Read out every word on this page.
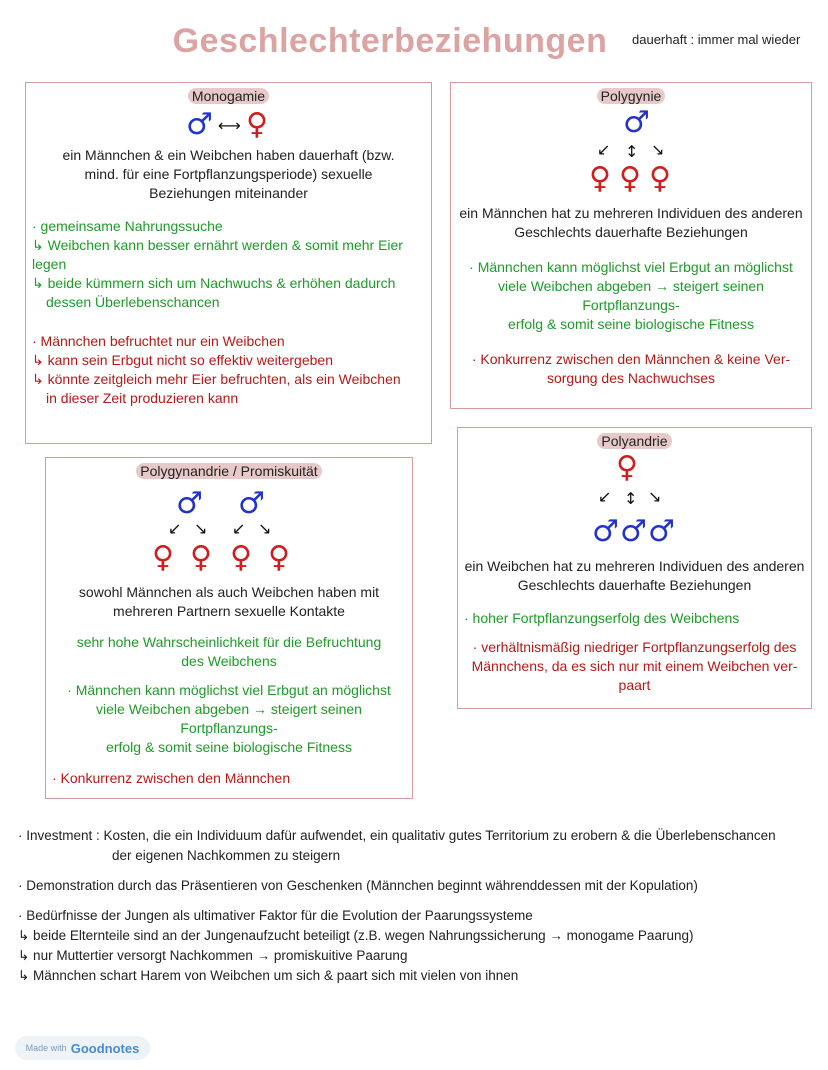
Geschlechterbeziehungen	dauerhaft : immer mal wieder
Monogamie
♂ ⟷ ♀
ein Männchen & ein Weibchen haben dauerhaft (bzw.
mind. für eine Fortpflanzungsperiode) sexuelle
Beziehungen miteinander
· gemeinsame Nahrungssuche
↳ Weibchen kann besser ernährt werden & somit mehr Eier legen
↳ beide kümmern sich um Nachwuchs & erhöhen dadurch
dessen Überlebenschancen
· Männchen befruchtet nur ein Weibchen
↳ kann sein Erbgut nicht so effektiv weitergeben
↳ könnte zeitgleich mehr Eier befruchten, als ein Weibchen
in dieser Zeit produzieren kann
Polygynie
♂
↙ ↕ ↘
♀ ♀ ♀
ein Männchen hat zu mehreren Individuen des anderen
Geschlechts dauerhafte Beziehungen
· Männchen kann möglichst viel Erbgut an möglichst
viele Weibchen abgeben → steigert seinen Fortpflanzungs-
erfolg & somit seine biologische Fitness
· Konkurrenz zwischen den Männchen & keine Ver-
sorgung des Nachwuchses
Polyandrie
♀
↙ ↕ ↘
♂ ♂ ♂
ein Weibchen hat zu mehreren Individuen des anderen
Geschlechts dauerhafte Beziehungen
· hoher Fortpflanzungserfolg des Weibchens
· verhältnismäßig niedriger Fortpflanzungserfolg des
Männchens, da es sich nur mit einem Weibchen ver-
paart
Polygynandrie / Promiskuität
♂ ♂
↙ ↘ ↙ ↘
♀ ♀ ♀ ♀
sowohl Männchen als auch Weibchen haben mit
mehreren Partnern sexuelle Kontakte
sehr hohe Wahrscheinlichkeit für die Befruchtung
des Weibchens
· Männchen kann möglichst viel Erbgut an möglichst
viele Weibchen abgeben → steigert seinen Fortpflanzungs-
erfolg & somit seine biologische Fitness
· Konkurrenz zwischen den Männchen
· Investment : Kosten, die ein Individuum dafür aufwendet, ein qualitativ gutes Territorium zu erobern & die Überlebenschancen
der eigenen Nachkommen zu steigern
· Demonstration durch das Präsentieren von Geschenken (Männchen beginnt währenddessen mit der Kopulation)
· Bedürfnisse der Jungen als ultimativer Faktor für die Evolution der Paarungssysteme
↳ beide Elternteile sind an der Jungenaufzucht beteiligt (z.B. wegen Nahrungssicherung → monogame Paarung)
↳ nur Muttertier versorgt Nachkommen → promiskuitive Paarung
↳ Männchen schart Harem von Weibchen um sich & paart sich mit vielen von ihnen
Made with Goodnotes
